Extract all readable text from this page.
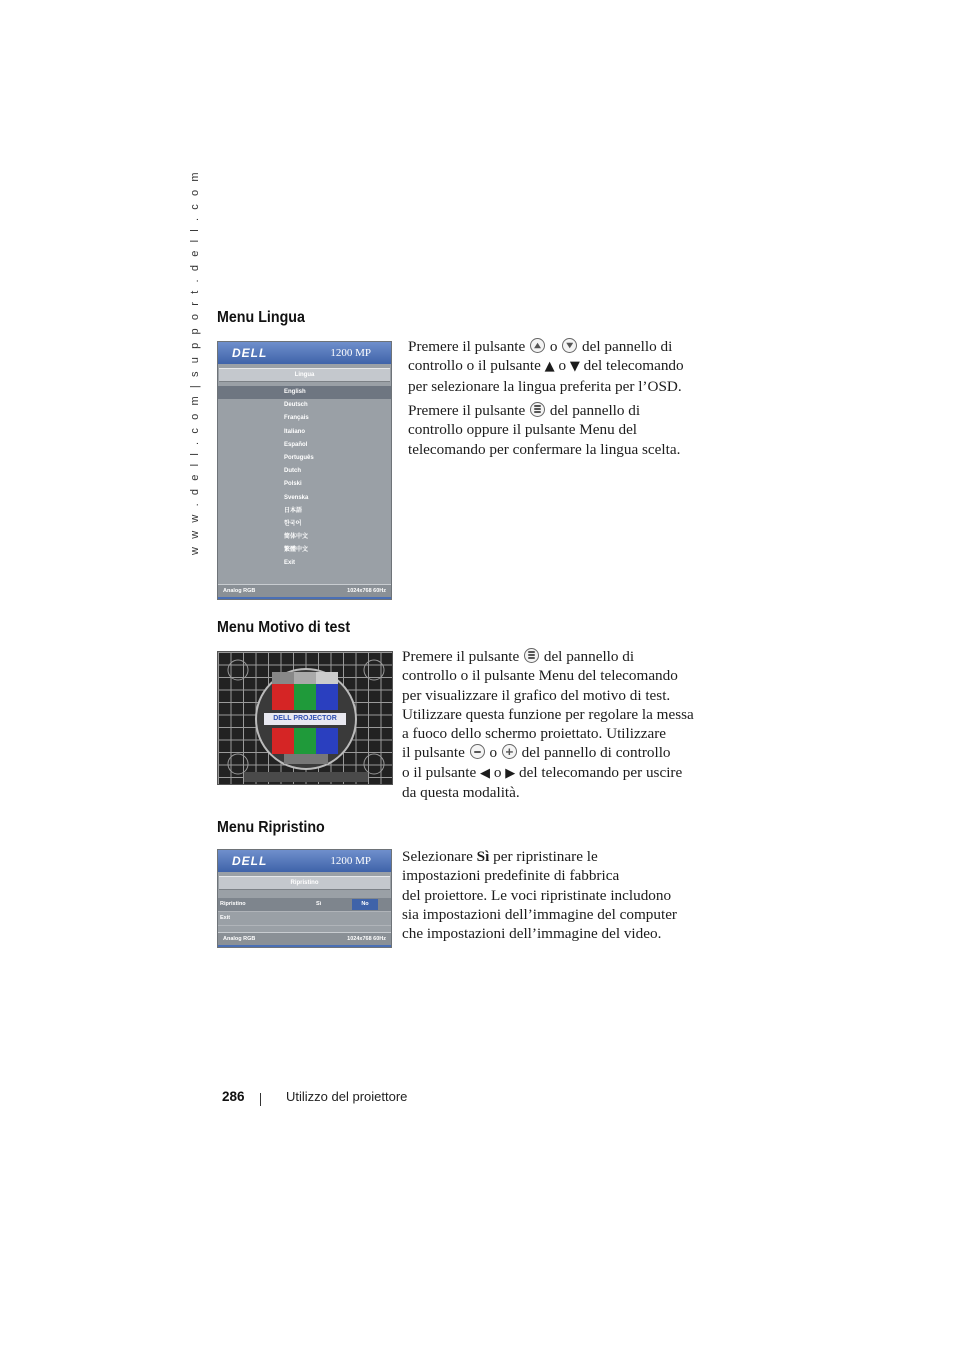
w w w . d e l l . c o m | s u p p o r t . d e l l . c o m Menu Lingua
DELL	1200 MP
Lingua
English
Deutsch
Français
Italiano
Español
Português
Dutch
Polski
Svenska
日本語
한국어
简体中文
繁體中文
Exit
Analog RGB	1024x768 60Hz

Premere il pulsante  o  del pannello di
controllo o il pulsante ▲ o ▼ del telecomando
per selezionare la lingua preferita per l’OSD.

Premere il pulsante  del pannello di
controllo oppure il pulsante Menu del
telecomando per confermare la lingua scelta.

Menu Motivo di test
DELL PROJECTOR

Premere il pulsante  del pannello di
controllo o il pulsante Menu del telecomando
per visualizzare il grafico del motivo di test.
Utilizzare questa funzione per regolare la messa
a fuoco dello schermo proiettato. Utilizzare
il pulsante  o  del pannello di controllo
o il pulsante ◀ o ▶ del telecomando per uscire
da questa modalità.

Menu Ripristino
DELL	1200 MP
Ripristino
Ripristino	Sì	No
Exit
Analog RGB	1024x768 60Hz

Selezionare Sì per ripristinare le
impostazioni predefinite di fabbrica
del proiettore. Le voci ripristinate includono
sia impostazioni dell’immagine del computer
che impostazioni dell’immagine del video.

286	Utilizzo del proiettore
